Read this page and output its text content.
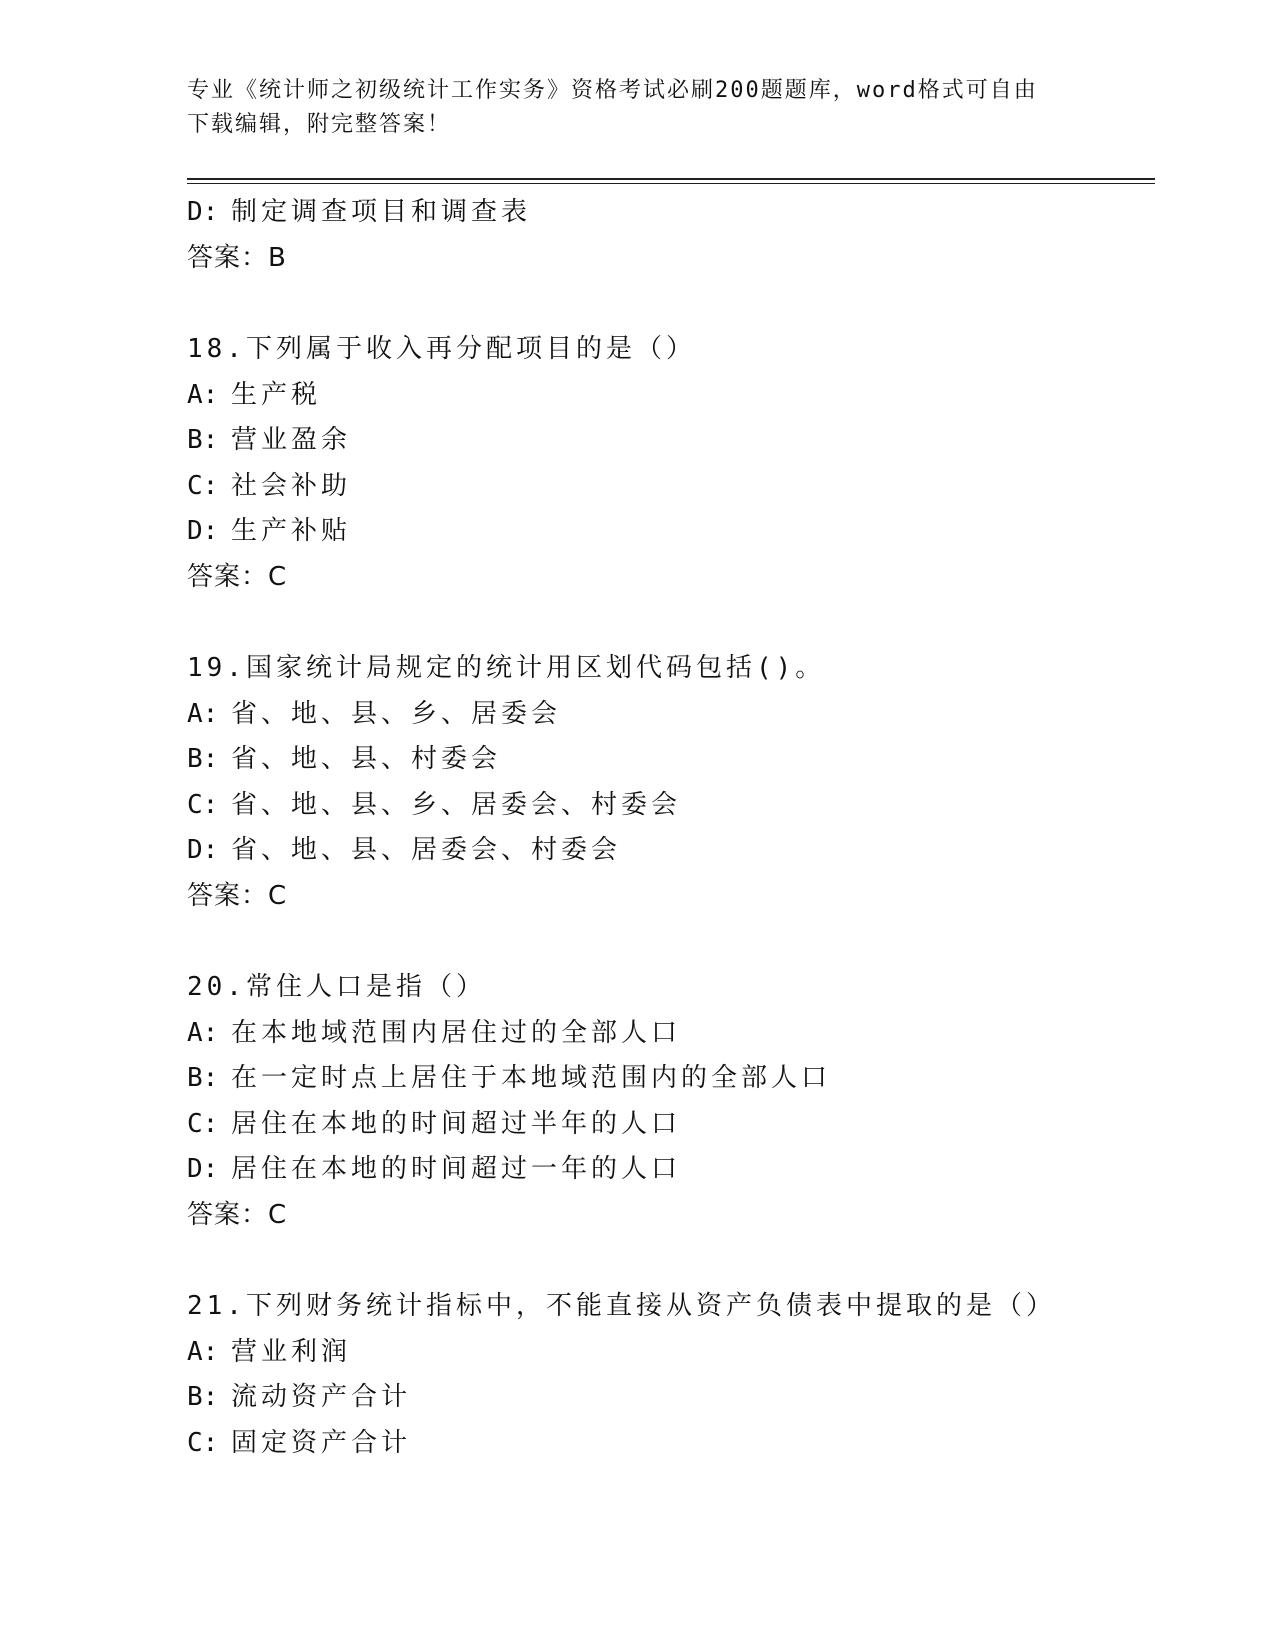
专业《统计师之初级统计工作实务》资格考试必刷200题题库，word格式可自由
下载编辑，附完整答案！
D: 制定调查项目和调查表
答案：B
18.下列属于收入再分配项目的是（）
A: 生产税
B: 营业盈余
C: 社会补助
D: 生产补贴
答案：C
19.国家统计局规定的统计用区划代码包括()。
A: 省、地、县、乡、居委会
B: 省、地、县、村委会
C: 省、地、县、乡、居委会、村委会
D: 省、地、县、居委会、村委会
答案：C
20.常住人口是指（）
A: 在本地域范围内居住过的全部人口
B: 在一定时点上居住于本地域范围内的全部人口
C: 居住在本地的时间超过半年的人口
D: 居住在本地的时间超过一年的人口
答案：C
21.下列财务统计指标中，不能直接从资产负债表中提取的是（）
A: 营业利润
B: 流动资产合计
C: 固定资产合计
